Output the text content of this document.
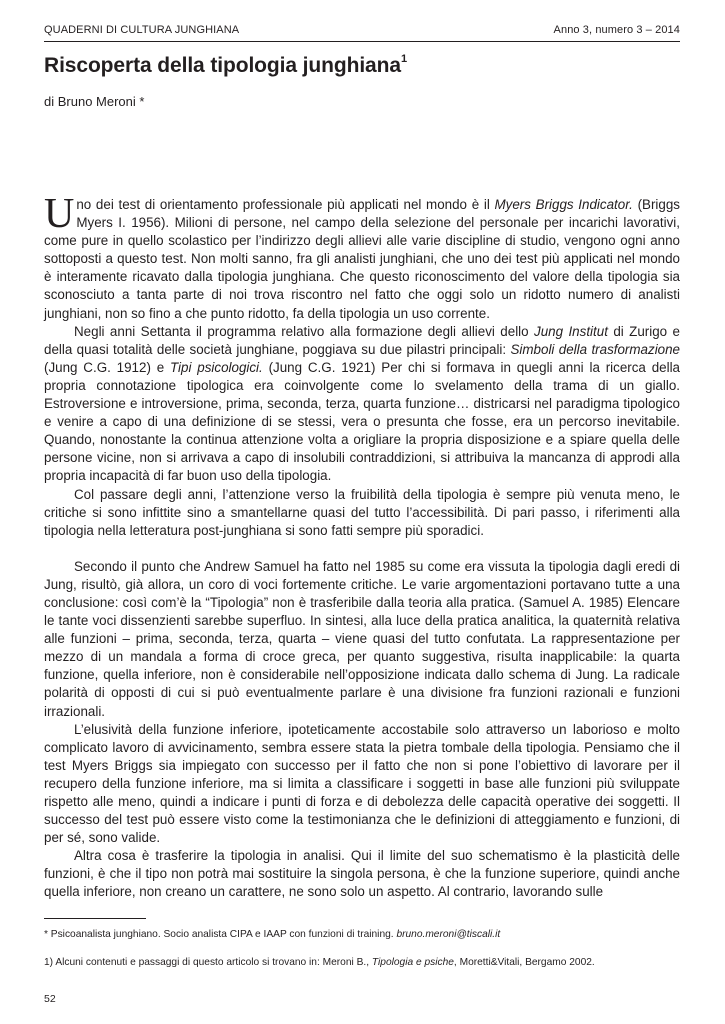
QUADERNI DI CULTURA JUNGHIANA	Anno 3, numero 3 – 2014
Riscoperta della tipologia junghiana$^1$
di Bruno Meroni *

Uno dei test di orientamento professionale più applicati nel mondo è il Myers Briggs Indicator. (Briggs Myers I. 1956). Milioni di persone, nel campo della selezione del personale per incarichi lavorativi, come pure in quello scolastico per l’indirizzo degli allievi alle varie discipline di studio, vengono ogni anno sottoposti a questo test. Non molti sanno, fra gli analisti junghiani, che uno dei test più applicati nel mondo è interamente ricavato dalla tipologia junghiana. Che questo riconoscimento del valore della tipologia sia sconosciuto a tanta parte di noi trova riscontro nel fatto che oggi solo un ridotto numero di analisti junghiani, non so fino a che punto ridotto, fa della tipologia un uso corrente.

Negli anni Settanta il programma relativo alla formazione degli allievi dello Jung Institut di Zurigo e della quasi totalità delle società junghiane, poggiava su due pilastri principali: Simboli della trasformazione (Jung C.G. 1912) e Tipi psicologici. (Jung C.G. 1921) Per chi si formava in quegli anni la ricerca della propria connotazione tipologica era coinvolgente come lo svelamento della trama di un giallo. Estroversione e introversione, prima, seconda, terza, quarta funzione… districarsi nel paradigma tipologico e venire a capo di una definizione di se stessi, vera o presunta che fosse, era un percorso inevitabile. Quando, nonostante la continua attenzione volta a origliare la propria disposizione e a spiare quella delle persone vicine, non si arrivava a capo di insolubili contraddizioni, si attribuiva la mancanza di approdi alla propria incapacità di far buon uso della tipologia.

Col passare degli anni, l’attenzione verso la fruibilità della tipologia è sempre più venuta meno, le critiche si sono infittite sino a smantellarne quasi del tutto l’accessibilità. Di pari passo, i riferimenti alla tipologia nella letteratura post-junghiana si sono fatti sempre più sporadici.

Secondo il punto che Andrew Samuel ha fatto nel 1985 su come era vissuta la tipologia dagli eredi di Jung, risultò, già allora, un coro di voci fortemente critiche. Le varie argomentazioni portavano tutte a una conclusione: così com’è la “Tipologia” non è trasferibile dalla teoria alla pratica. (Samuel A. 1985) Elencare le tante voci dissenzienti sarebbe superfluo. In sintesi, alla luce della pratica analitica, la quaternità relativa alle funzioni – prima, seconda, terza, quarta – viene quasi del tutto confutata. La rappresentazione per mezzo di un mandala a forma di croce greca, per quanto suggestiva, risulta inapplicabile: la quarta funzione, quella inferiore, non è considerabile nell’opposizione indicata dallo schema di Jung. La radicale polarità di opposti di cui si può eventualmente parlare è una divisione fra funzioni razionali e funzioni irrazionali.

L’elusività della funzione inferiore, ipoteticamente accostabile solo attraverso un laborioso e molto complicato lavoro di avvicinamento, sembra essere stata la pietra tombale della tipologia. Pensiamo che il test Myers Briggs sia impiegato con successo per il fatto che non si pone l’obiettivo di lavorare per il recupero della funzione inferiore, ma si limita a classificare i soggetti in base alle funzioni più sviluppate rispetto alle meno, quindi a indicare i punti di forza e di debolezza delle capacità operative dei soggetti. Il successo del test può essere visto come la testimonianza che le definizioni di atteggiamento e funzioni, di per sé, sono valide.

Altra cosa è trasferire la tipologia in analisi. Qui il limite del suo schematismo è la plasticità delle funzioni, è che il tipo non potrà mai sostituire la singola persona, è che la funzione superiore, quindi anche quella inferiore, non creano un carattere, ne sono solo un aspetto. Al contrario, lavorando sulle

* Psicoanalista junghiano. Socio analista CIPA e IAAP con funzioni di training. bruno.meroni@tiscali.it
1) Alcuni contenuti e passaggi di questo articolo si trovano in: Meroni B., Tipologia e psiche, Moretti&Vitali, Bergamo 2002.
52
